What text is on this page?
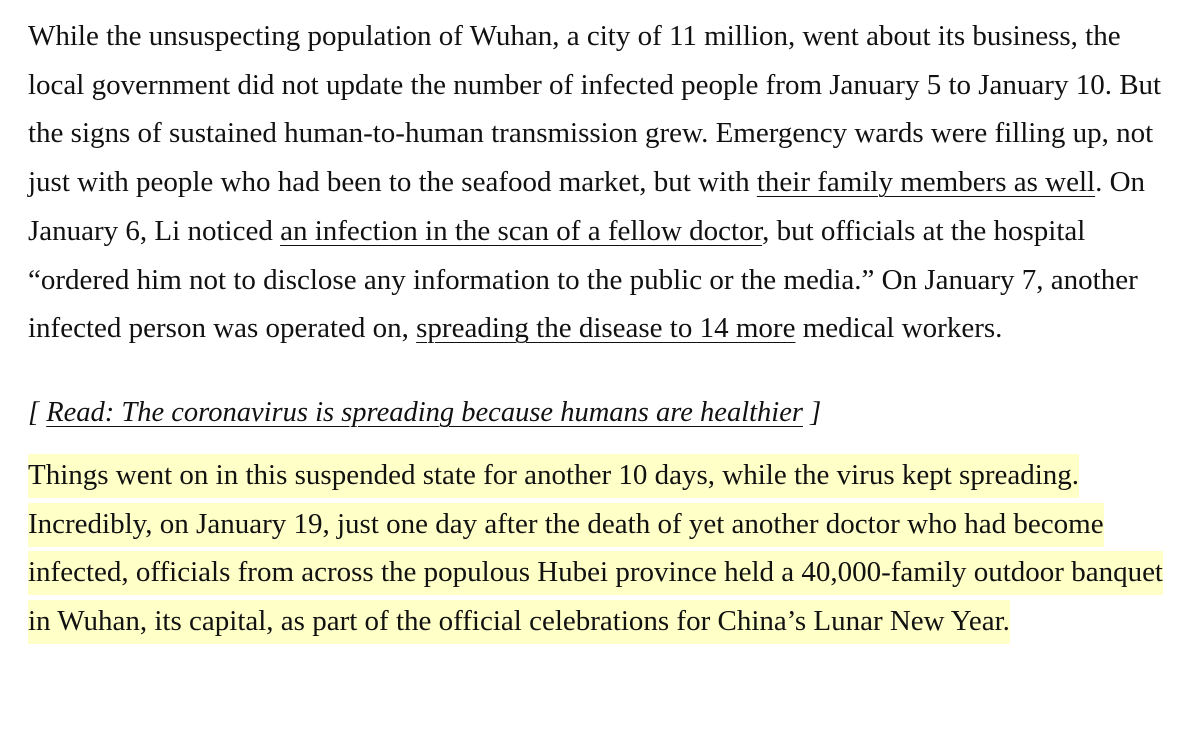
While the unsuspecting population of Wuhan, a city of 11 million, went about its business, the local government did not update the number of infected people from January 5 to January 10. But the signs of sustained human-to-human transmission grew. Emergency wards were filling up, not just with people who had been to the seafood market, but with their family members as well. On January 6, Li noticed an infection in the scan of a fellow doctor, but officials at the hospital “ordered him not to disclose any information to the public or the media.” On January 7, another infected person was operated on, spreading the disease to 14 more medical workers.

[ Read: The coronavirus is spreading because humans are healthier ]

Things went on in this suspended state for another 10 days, while the virus kept spreading. Incredibly, on January 19, just one day after the death of yet another doctor who had become infected, officials from across the populous Hubei province held a 40,000-family outdoor banquet in Wuhan, its capital, as part of the official celebrations for China’s Lunar New Year.
